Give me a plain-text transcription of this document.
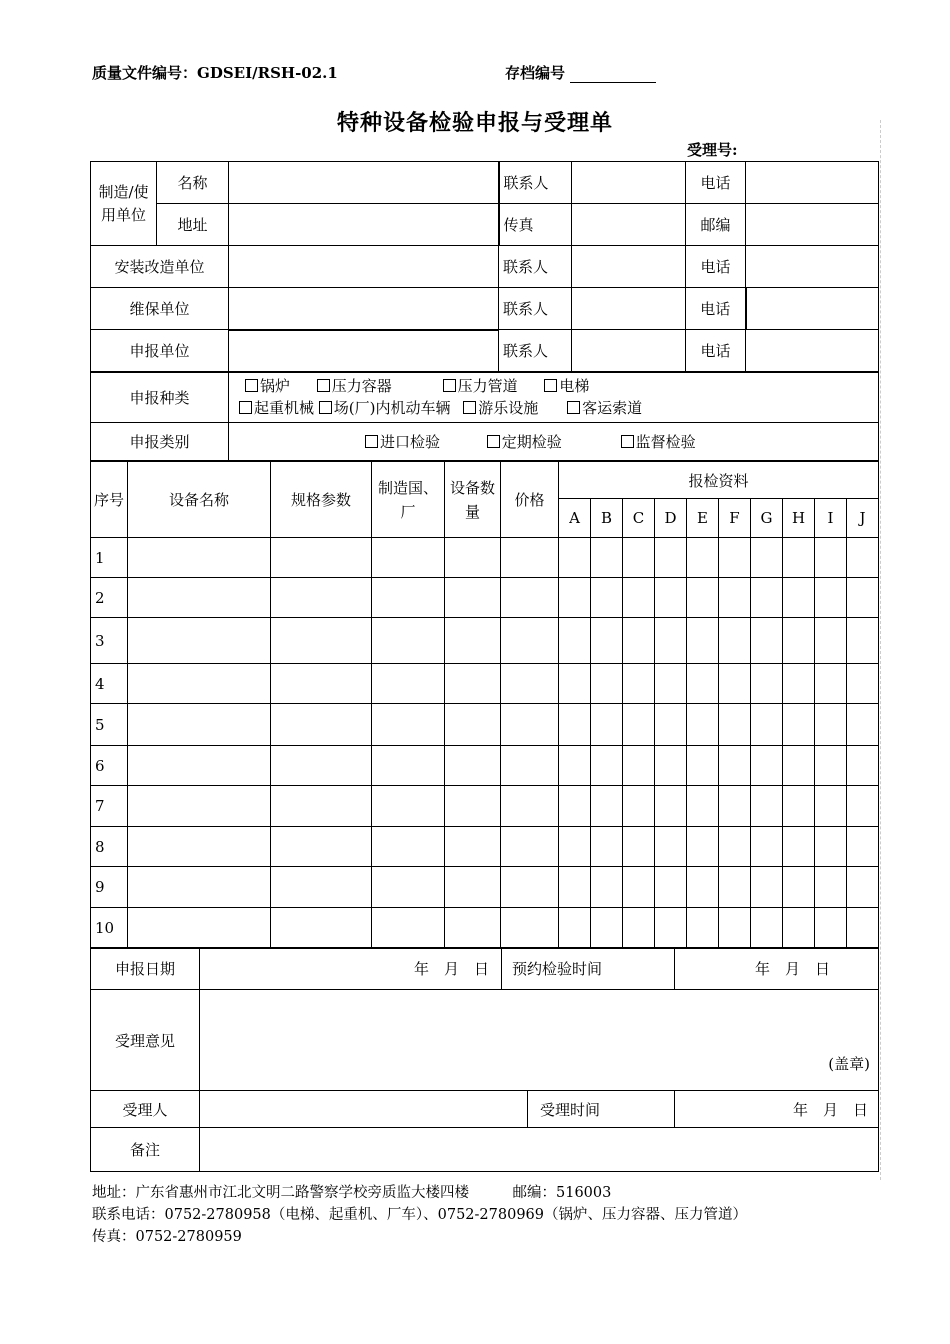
质量文件编号：GDSEI/RSH-02.1	存档编号
特种设备检验申报与受理单
受理号:
制造/使用单位	名称		联系人		电话	
	地址		传真		邮编	
安装改造单位			联系人		电话	
维保单位			联系人		电话	
申报单位			联系人		电话	
申报种类		锅炉 压力容器 压力管道 电梯
起重机械 场(厂)内机动车辆 游乐设施 客运索道				

申报类别		进口检验 定期检验 监督检验				
序号	设备名称	规格参数	制造国、厂	设备数量	价格	报检资料									
						A	B	C	D	E	F	G	H	I	J
1															
2															
3															
4															
5															
6															
7															
8															
9															
10															
申报日期	年　月　日	预约检验时间		年　月　日
受理意见	(盖章)			
受理人			受理时间	年　月　日
备注				
地址：广东省惠州市江北文明二路警察学校旁质监大楼四楼　　　邮编：516003
联系电话：0752-2780958（电梯、起重机、厂车）、0752-2780969（锅炉、压力容器、压力管道）
传真：0752-2780959
